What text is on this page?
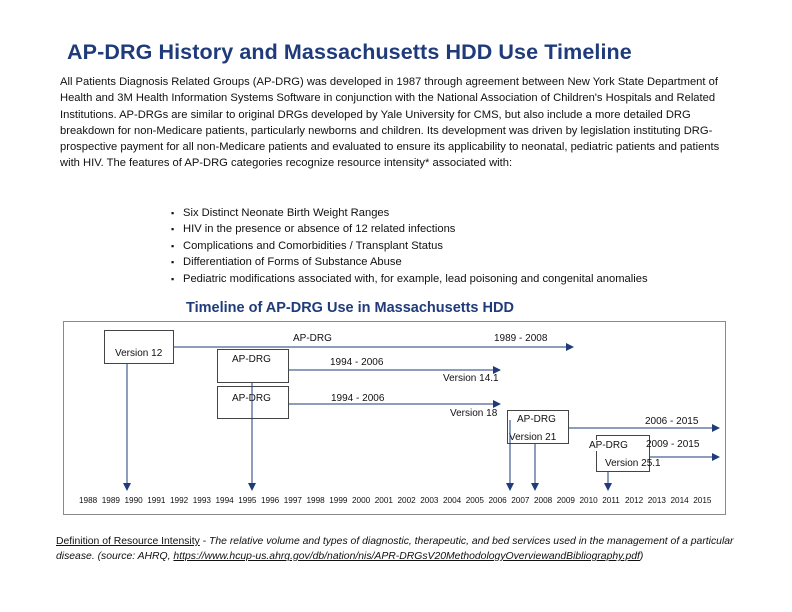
AP-DRG History and Massachusetts HDD Use Timeline
All Patients Diagnosis Related Groups (AP-DRG) was developed in 1987 through agreement between New York State Department of Health and 3M Health Information Systems Software in conjunction with the National Association of Children's Hospitals and Related Institutions. AP-DRGs are similar to original DRGs developed by Yale University for CMS, but also include a more detailed DRG breakdown for non-Medicare patients, particularly newborns and children. Its development was driven by legislation instituting DRG-prospective payment for all non-Medicare patients and evaluated to ensure its applicability to neonatal, pediatric patients and patients with HIV. The features of AP-DRG categories recognize resource intensity* associated with:
▪ Six Distinct Neonate Birth Weight Ranges
▪ HIV in the presence or absence of 12 related infections
▪ Complications and Comorbidities / Transplant Status
▪ Differentiation of Forms of Substance Abuse
▪ Pediatric modifications associated with, for example, lead poisoning and congenital anomalies
Timeline of AP-DRG Use in Massachusetts HDD
Version 12
AP-DRG	1989 - 2008
AP-DRG	1994 - 2006
Version 14.1
AP-DRG	1994 - 2006
Version 18
AP-DRG
Version 21
2006 - 2015
AP-DRG
Version 25.1
2009 - 2015
1988 1989 1990 1991 1992 1993 1994 1995 1996 1997 1998 1999 2000 2001 2002 2003 2004 2005 2006 2007 2008 2009 2010 2011 2012 2013 2014 2015
Definition of Resource Intensity - The relative volume and types of diagnostic, therapeutic, and bed services used in the management of a particular disease. (source: AHRQ, https://www.hcup-us.ahrq.gov/db/nation/nis/APR-DRGsV20MethodologyOverviewandBibliography.pdf)
